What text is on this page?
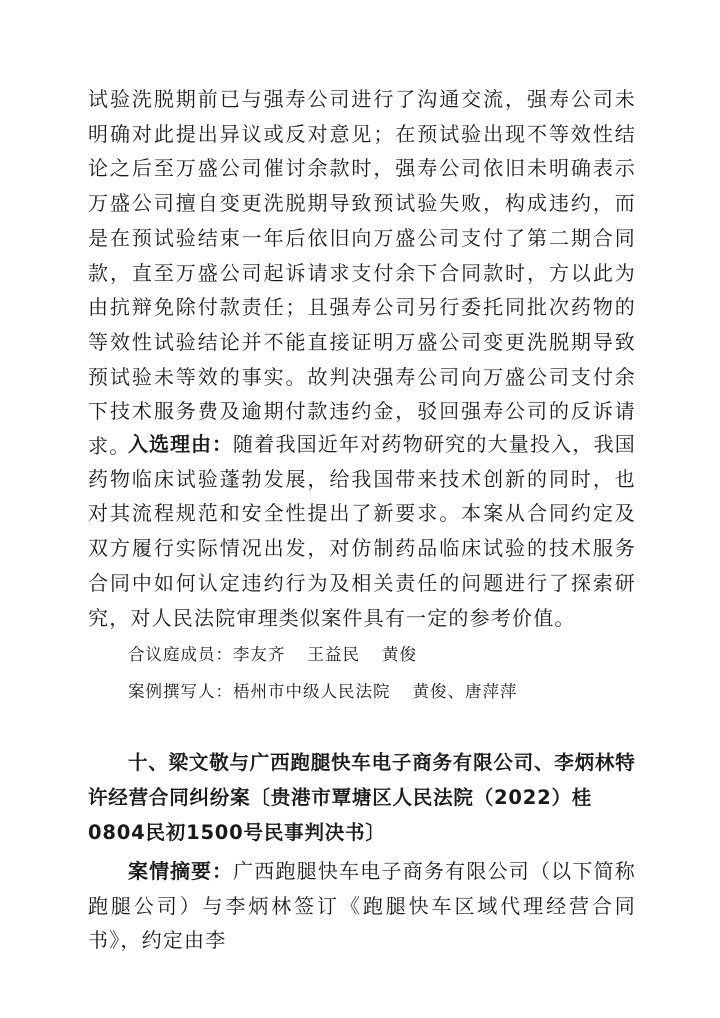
试验洗脱期前已与强寿公司进行了沟通交流，强寿公司未明确对此提出异议或反对意见；在预试验出现不等效性结论之后至万盛公司催讨余款时，强寿公司依旧未明确表示万盛公司擅自变更洗脱期导致预试验失败，构成违约，而是在预试验结束一年后依旧向万盛公司支付了第二期合同款，直至万盛公司起诉请求支付余下合同款时，方以此为由抗辩免除付款责任；且强寿公司另行委托同批次药物的等效性试验结论并不能直接证明万盛公司变更洗脱期导致预试验未等效的事实。故判决强寿公司向万盛公司支付余下技术服务费及逾期付款违约金，驳回强寿公司的反诉请求。

入选理由：随着我国近年对药物研究的大量投入，我国药物临床试验蓬勃发展，给我国带来技术创新的同时，也对其流程规范和安全性提出了新要求。本案从合同约定及双方履行实际情况出发，对仿制药品临床试验的技术服务合同中如何认定违约行为及相关责任的问题进行了探索研究，对人民法院审理类似案件具有一定的参考价值。

合议庭成员：李友齐 王益民 黄俊

案例撰写人：梧州市中级人民法院 黄俊、唐萍萍

十、梁文敬与广西跑腿快车电子商务有限公司、李炳林特许经营合同纠纷案〔贵港市覃塘区人民法院（2022）桂0804民初1500号民事判决书〕

案情摘要：广西跑腿快车电子商务有限公司（以下简称跑腿公司）与李炳林签订《跑腿快车区域代理经营合同书》，约定由李
